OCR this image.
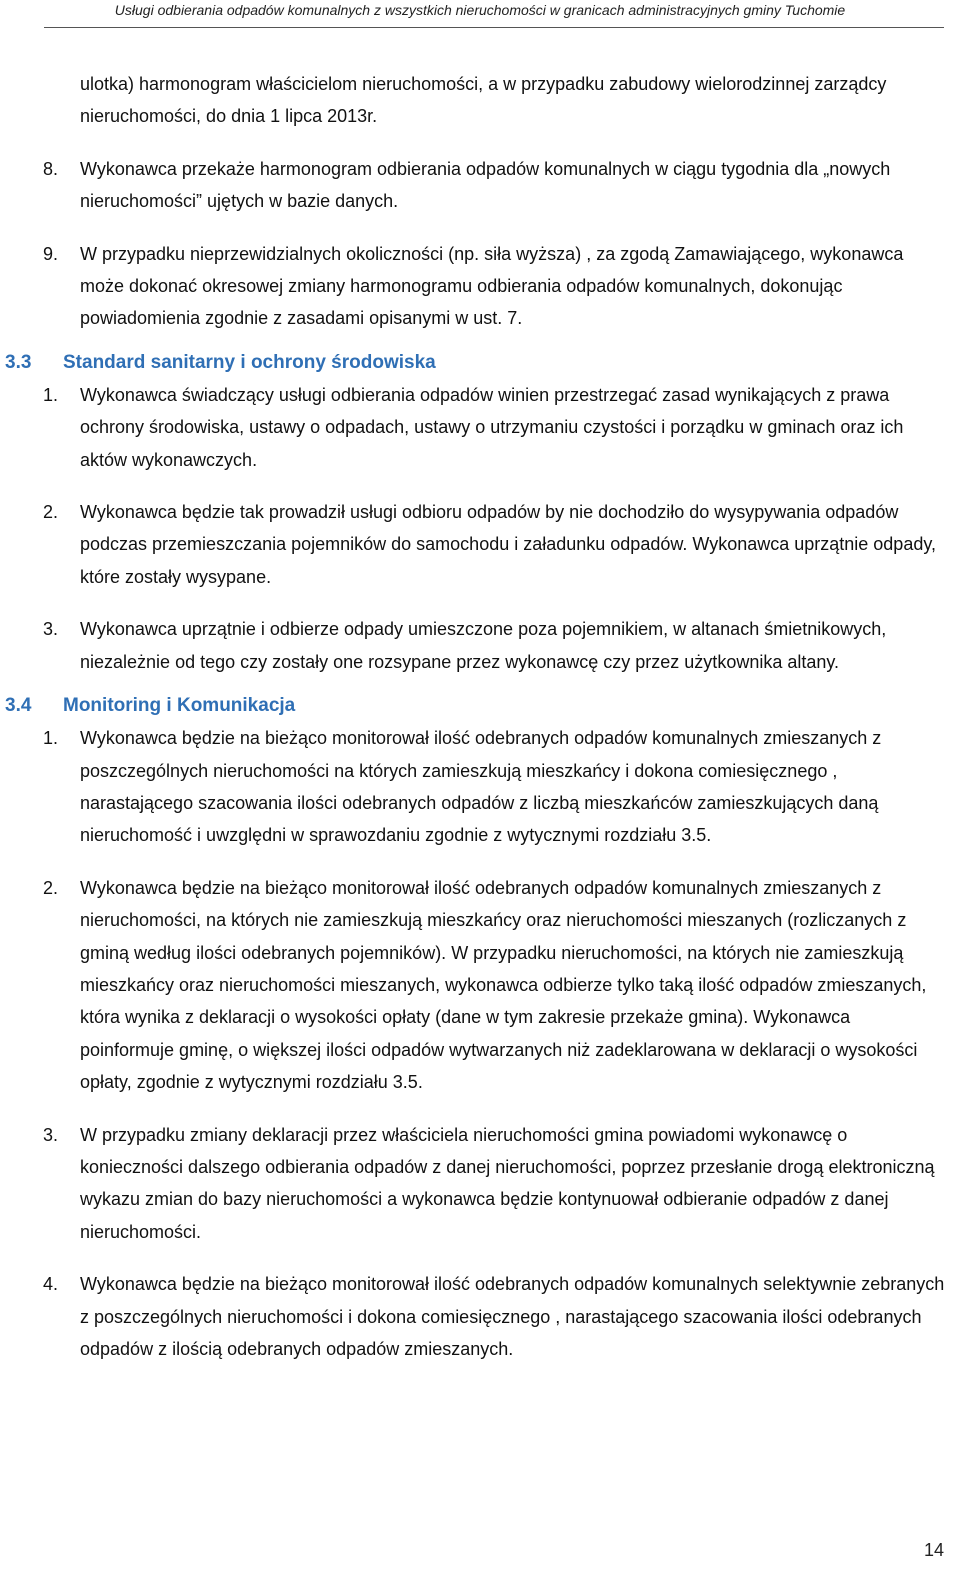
Usługi odbierania odpadów komunalnych z wszystkich nieruchomości w granicach administracyjnych gminy Tuchomie

ulotka) harmonogram właścicielom nieruchomości, a w przypadku zabudowy wielorodzinnej zarządcy nieruchomości, do dnia 1 lipca 2013r.

8. Wykonawca przekaże harmonogram odbierania odpadów komunalnych w ciągu tygodnia dla „nowych nieruchomości” ujętych w bazie danych.
9. W przypadku nieprzewidzialnych okoliczności (np. siła wyższa) , za zgodą Zamawiającego, wykonawca może dokonać okresowej zmiany harmonogramu odbierania odpadów komunalnych, dokonując powiadomienia zgodnie z zasadami opisanymi w ust. 7.
3.3 Standard sanitarny i ochrony środowiska
1. Wykonawca świadczący usługi odbierania odpadów winien przestrzegać zasad wynikających z prawa ochrony środowiska, ustawy o odpadach, ustawy o utrzymaniu czystości i porządku w gminach oraz ich aktów wykonawczych.
2. Wykonawca będzie tak prowadził usługi odbioru odpadów by nie dochodziło do wysypywania odpadów podczas przemieszczania pojemników do samochodu i załadunku odpadów. Wykonawca uprzątnie odpady, które zostały wysypane.
3. Wykonawca uprzątnie i odbierze odpady umieszczone poza pojemnikiem, w altanach śmietnikowych, niezależnie od tego czy zostały one rozsypane przez wykonawcę czy przez użytkownika altany.
3.4 Monitoring i Komunikacja
1. Wykonawca będzie na bieżąco monitorował ilość odebranych odpadów komunalnych zmieszanych z poszczególnych nieruchomości na których zamieszkują mieszkańcy i dokona comiesięcznego , narastającego szacowania ilości odebranych odpadów z liczbą mieszkańców zamieszkujących daną nieruchomość i uwzględni w sprawozdaniu zgodnie z wytycznymi rozdziału 3.5.
2. Wykonawca będzie na bieżąco monitorował ilość odebranych odpadów komunalnych zmieszanych z nieruchomości, na których nie zamieszkują mieszkańcy oraz nieruchomości mieszanych (rozliczanych z gminą według ilości odebranych pojemników). W przypadku nieruchomości, na których nie zamieszkują mieszkańcy oraz nieruchomości mieszanych, wykonawca odbierze tylko taką ilość odpadów zmieszanych, która wynika z deklaracji o wysokości opłaty (dane w tym zakresie przekaże gmina). Wykonawca poinformuje gminę, o większej ilości odpadów wytwarzanych niż zadeklarowana w deklaracji o wysokości opłaty, zgodnie z wytycznymi rozdziału 3.5.
3. W przypadku zmiany deklaracji przez właściciela nieruchomości gmina powiadomi wykonawcę o konieczności dalszego odbierania odpadów z danej nieruchomości, poprzez przesłanie drogą elektroniczną wykazu zmian do bazy nieruchomości a wykonawca będzie kontynuował odbieranie odpadów z danej nieruchomości.
4. Wykonawca będzie na bieżąco monitorował ilość odebranych odpadów komunalnych selektywnie zebranych z poszczególnych nieruchomości i dokona comiesięcznego , narastającego szacowania ilości odebranych odpadów z ilością odebranych odpadów zmieszanych.
14
